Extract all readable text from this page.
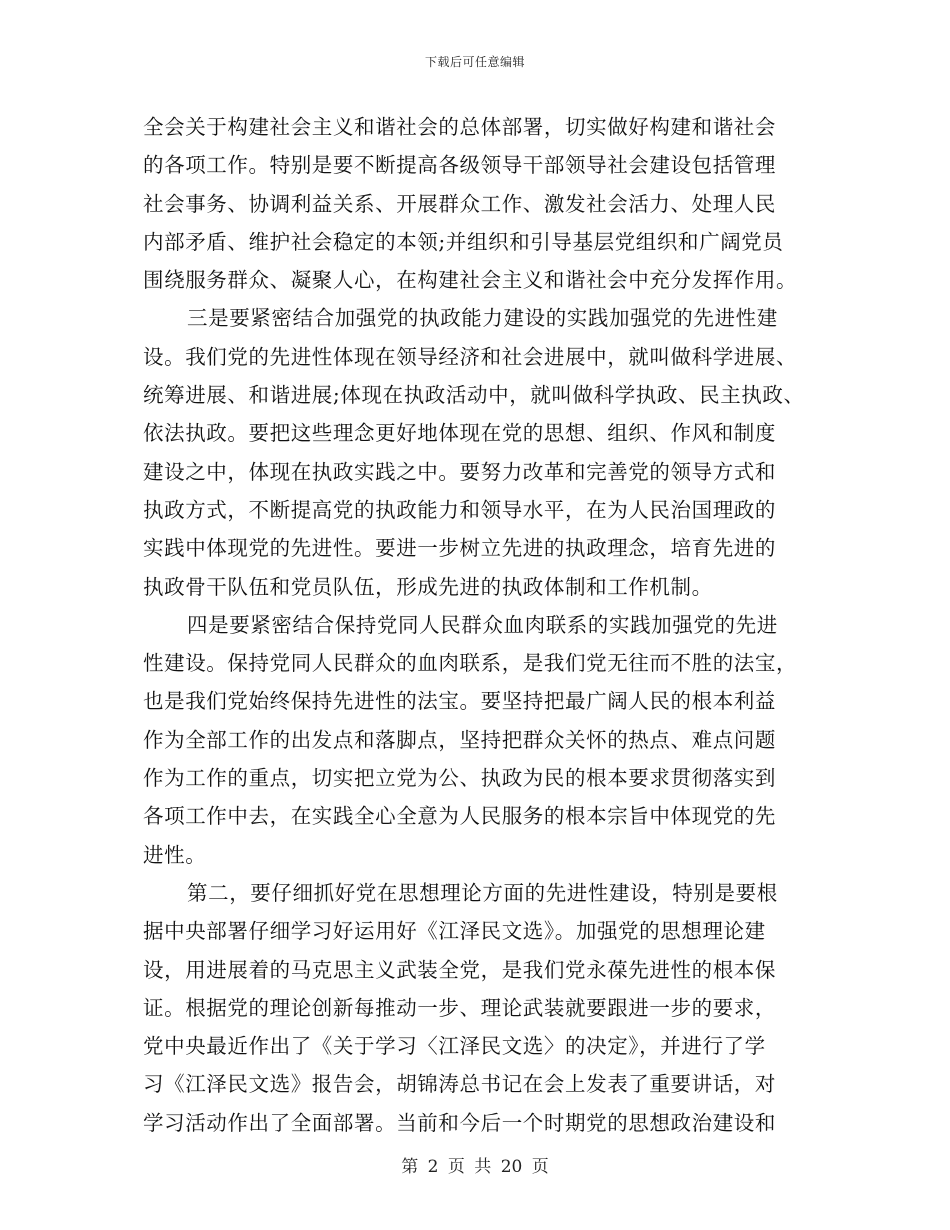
下载后可任意编辑
全会关于构建社会主义和谐社会的总体部署，切实做好构建和谐社会
的各项工作。特别是要不断提高各级领导干部领导社会建设包括管理
社会事务、协调利益关系、开展群众工作、激发社会活力、处理人民
内部矛盾、维护社会稳定的本领;并组织和引导基层党组织和广阔党员
围绕服务群众、凝聚人心，在构建社会主义和谐社会中充分发挥作用。
三是要紧密结合加强党的执政能力建设的实践加强党的先进性建
设。我们党的先进性体现在领导经济和社会进展中，就叫做科学进展、
统筹进展、和谐进展;体现在执政活动中，就叫做科学执政、民主执政、
依法执政。要把这些理念更好地体现在党的思想、组织、作风和制度
建设之中，体现在执政实践之中。要努力改革和完善党的领导方式和
执政方式，不断提高党的执政能力和领导水平，在为人民治国理政的
实践中体现党的先进性。要进一步树立先进的执政理念，培育先进的
执政骨干队伍和党员队伍，形成先进的执政体制和工作机制。
四是要紧密结合保持党同人民群众血肉联系的实践加强党的先进
性建设。保持党同人民群众的血肉联系，是我们党无往而不胜的法宝，
也是我们党始终保持先进性的法宝。要坚持把最广阔人民的根本利益
作为全部工作的出发点和落脚点，坚持把群众关怀的热点、难点问题
作为工作的重点，切实把立党为公、执政为民的根本要求贯彻落实到
各项工作中去，在实践全心全意为人民服务的根本宗旨中体现党的先
进性。
第二，要仔细抓好党在思想理论方面的先进性建设，特别是要根
据中央部署仔细学习好运用好《江泽民文选》。加强党的思想理论建
设，用进展着的马克思主义武装全党，是我们党永葆先进性的根本保
证。根据党的理论创新每推动一步、理论武装就要跟进一步的要求，
党中央最近作出了《关于学习〈江泽民文选〉的决定》，并进行了学
习《江泽民文选》报告会，胡锦涛总书记在会上发表了重要讲话，对
学习活动作出了全面部署。当前和今后一个时期党的思想政治建设和
第 2 页 共 20 页
